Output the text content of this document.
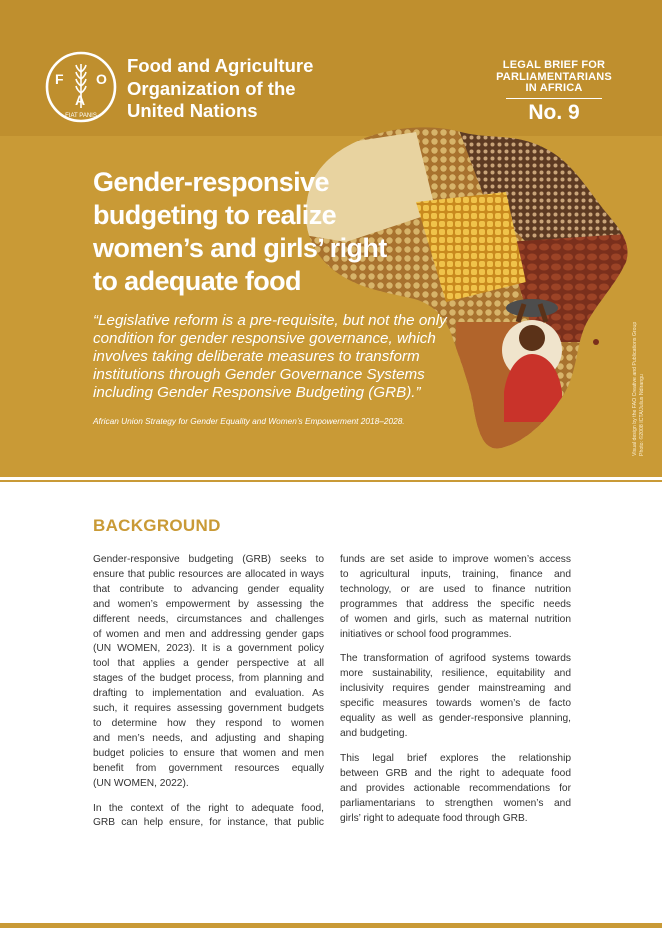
F
A
O
FIAT PANIS
Food and Agriculture
Organization of the
United Nations
LEGAL BRIEF FOR
PARLIAMENTARIANS
IN AFRICA
No. 9
Gender-responsive
budgeting to realize
women’s and girls’ right
to adequate food
“Legislative reform is a pre-requisite, but not the only
condition for gender responsive governance, which
involves taking deliberate measures to transform
institutions through Gender Governance Systems
including Gender Responsive Budgeting (GRB).”
African Union Strategy for Gender Equality and Women’s Empowerment 2018–2028.	Visual design by the FAO Creative and Publications Group Photo: ©2008 ICTA/Julius Ndirangu
BACKGROUND

Gender-responsive budgeting (GRB) seeks to
ensure that public resources are allocated in ways
that contribute to advancing gender equality
and women’s empowerment by assessing the
different needs, circumstances and challenges
of women and men and addressing gender gaps
(UN WOMEN, 2023). It is a government policy
tool that applies a gender perspective at all
stages of the budget process, from planning and
drafting to implementation and evaluation. As
such, it requires assessing government budgets
to determine how they respond to women
and men’s needs, and adjusting and shaping
budget policies to ensure that women and men
benefit from government resources equally
(UN WOMEN, 2022).

In the context of the right to adequate food,
GRB can help ensure, for instance, that public

funds are set aside to improve women’s access
to agricultural inputs, training, finance and
technology, or are used to finance nutrition
programmes that address the specific needs
of women and girls, such as maternal nutrition
initiatives or school food programmes.

The transformation of agrifood systems towards
more sustainability, resilience, equitability and
inclusivity requires gender mainstreaming and
specific measures towards women’s de facto
equality as well as gender-responsive planning,
and budgeting.

This legal brief explores the relationship
between GRB and the right to adequate food
and provides actionable recommendations for
parliamentarians to strengthen women’s and
girls’ right to adequate food through GRB.
